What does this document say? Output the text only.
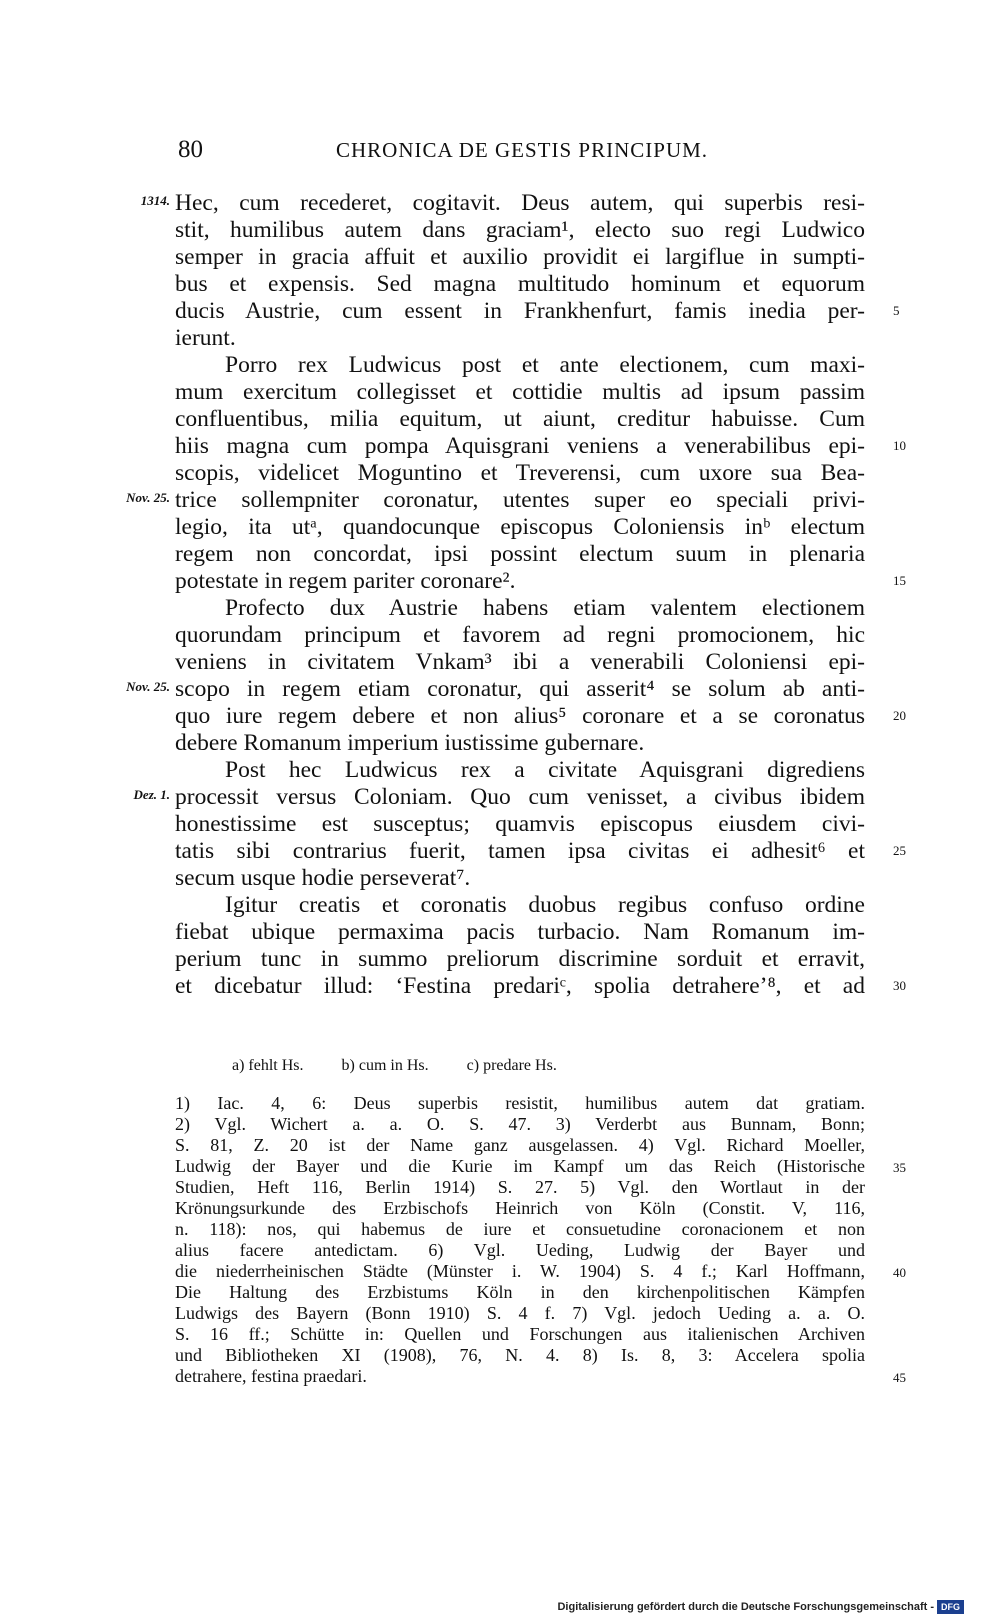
80	CHRONICA DE GESTIS PRINCIPUM.
1314. Hec, cum recederet, cogitavit. Deus autem, qui superbis resi-
stit, humilibus autem dans graciam¹, electo suo regi Ludwico
semper in gracia affuit et auxilio providit ei largiflue in sumpti-
bus et expensis. Sed magna multitudo hominum et equorum
ducis Austrie, cum essent in Frankhenfurt, famis inedia per- 5
ierunt.
Porro rex Ludwicus post et ante electionem, cum maxi-
mum exercitum collegisset et cottidie multis ad ipsum passim
confluentibus, milia equitum, ut aiunt, creditur habuisse. Cum
hiis magna cum pompa Aquisgrani veniens a venerabilibus epi- 10
scopis, videlicet Moguntino et Treverensi, cum uxore sua Bea-
Nov. 25. trice sollempniter coronatur, utentes super eo speciali privi-
legio, ita utᵃ, quandocunque episcopus Coloniensis inᵇ electum
regem non concordat, ipsi possint electum suum in plenaria
potestate in regem pariter coronare².	15
Profecto dux Austrie habens etiam valentem electionem
quorundam principum et favorem ad regni promocionem, hic
veniens in civitatem Vnkam³ ibi a venerabili Coloniensi epi-
Nov. 25. scopo in regem etiam coronatur, qui asserit⁴ se solum ab anti-
quo iure regem debere et non alius⁵ coronare et a se coronatus 20
debere Romanum imperium iustissime gubernare.
Post hec Ludwicus rex a civitate Aquisgrani digrediens
Dez. 1. processit versus Coloniam. Quo cum venisset, a civibus ibidem
honestissime est susceptus; quamvis episcopus eiusdem civi-
tatis sibi contrarius fuerit, tamen ipsa civitas ei adhesit⁶ et 25
secum usque hodie perseverat⁷.
Igitur creatis et coronatis duobus regibus confuso ordine
fiebat ubique permaxima pacis turbacio. Nam Romanum im-
perium tunc in summo preliorum discrimine sorduit et erravit,
et dicebatur illud: ‘Festina predariᶜ, spolia detrahere’⁸, et ad 30
a) fehlt Hs. b) cum in Hs. c) predare Hs.
1) Iac. 4, 6: Deus superbis resistit, humilibus autem dat gratiam.
2) Vgl. Wichert a. a. O. S. 47. 3) Verderbt aus Bunnam, Bonn;
S. 81, Z. 20 ist der Name ganz ausgelassen. 4) Vgl. Richard Moeller,
Ludwig der Bayer und die Kurie im Kampf um das Reich (Historische 35
Studien, Heft 116, Berlin 1914) S. 27. 5) Vgl. den Wortlaut in der
Krönungsurkunde des Erzbischofs Heinrich von Köln (Constit. V, 116,
n. 118): nos, qui habemus de iure et consuetudine coronacionem et non
alius facere antedictam. 6) Vgl. Ueding, Ludwig der Bayer und
die niederrheinischen Städte (Münster i. W. 1904) S. 4 f.; Karl Hoffmann, 40
Die Haltung des Erzbistums Köln in den kirchenpolitischen Kämpfen
Ludwigs des Bayern (Bonn 1910) S. 4 f. 7) Vgl. jedoch Ueding a. a. O.
S. 16 ff.; Schütte in: Quellen und Forschungen aus italienischen Archiven
und Bibliotheken XI (1908), 76, N. 4. 8) Is. 8, 3: Accelera spolia
detrahere, festina praedari.	45
Digitalisierung gefördert durch die Deutsche Forschungsgemeinschaft - DFG
